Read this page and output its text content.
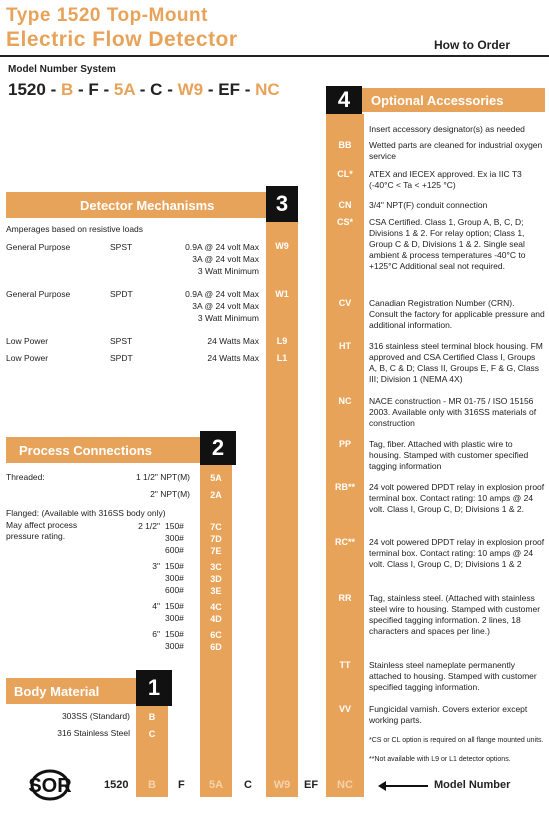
Type 1520 Top-Mount
Electric Flow Detector	How to Order
Model Number System
1520 - B - F - 5A - C - W9 - EF - NC	4	Optional Accessories
Insert accessory designator(s) as needed
BB	Wetted parts are cleaned for industrial oxygen service
CL*	ATEX and IECEX approved. Ex ia IIC T3 (-40°C < Ta < +125 °C)
CN	3/4" NPT(F) conduit connection
CS*	CSA Certified. Class 1, Group A, B, C, D; Divisions 1 & 2. For relay option; Class 1, Group C & D, Divisions 1 & 2. Single seal ambient & process temperatures -40°C to +125°C Additional seal not required.
CV	Canadian Registration Number (CRN). Consult the factory for applicable pressure and additional information.
HT	316 stainless steel terminal block housing. FM approved and CSA Certified Class I, Groups A, B, C & D; Class II, Groups E, F & G, Class III; Division 1 (NEMA 4X)
NC	NACE construction - MR 01-75 / ISO 15156 2003. Available only with 316SS materials of construction
PP	Tag, fiber. Attached with plastic wire to housing. Stamped with customer specified tagging information
RB**	24 volt powered DPDT relay in explosion proof terminal box. Contact rating: 10 amps @ 24 volt. Class I, Group C, D; Divisions 1 & 2.
RC**	24 volt powered DPDT relay in explosion proof terminal box. Contact rating: 10 amps @ 24 volt. Class I, Group C, D; Divisions 1 & 2
RR	Tag, stainless steel. (Attached with stainless steel wire to housing. Stamped with customer specified tagging information. 2 lines, 18 characters and spaces per line.)
TT	Stainless steel nameplate permanently attached to housing. Stamped with customer specified tagging information.
VV	Fungicidal varnish. Covers exterior except working parts.
*CS or CL option is required on all flange mounted units.
**Not available with L9 or L1 detector options.
Detector Mechanisms	3
Amperages based on resistive loads
General Purpose	SPST	0.9A @ 24 volt Max
3A @ 24 volt Max
3 Watt Minimum
W9
General Purpose	SPDT	0.9A @ 24 volt Max
3A @ 24 volt Max
3 Watt Minimum
W1
Low Power	SPST	24 Watts Max	L9
Low Power	SPDT	24 Watts Max	L1
Process Connections	2
Threaded:	1 1/2" NPT(M)	5A
2" NPT(M)	2A
Flanged: (Available with 316SS body only)
May affect process pressure rating.
2 1/2" 150#	7C
300#	7D
600#	7E
3" 150#	3C
300#	3D
600#	3E
4" 150#	4C
300#	4D
6" 150#	6C
300#	6D
Body Material	1
303SS (Standard)	B
316 Stainless Steel	C
SOR	1520	B	F	5A	C	W9	EF	NC	Model Number
